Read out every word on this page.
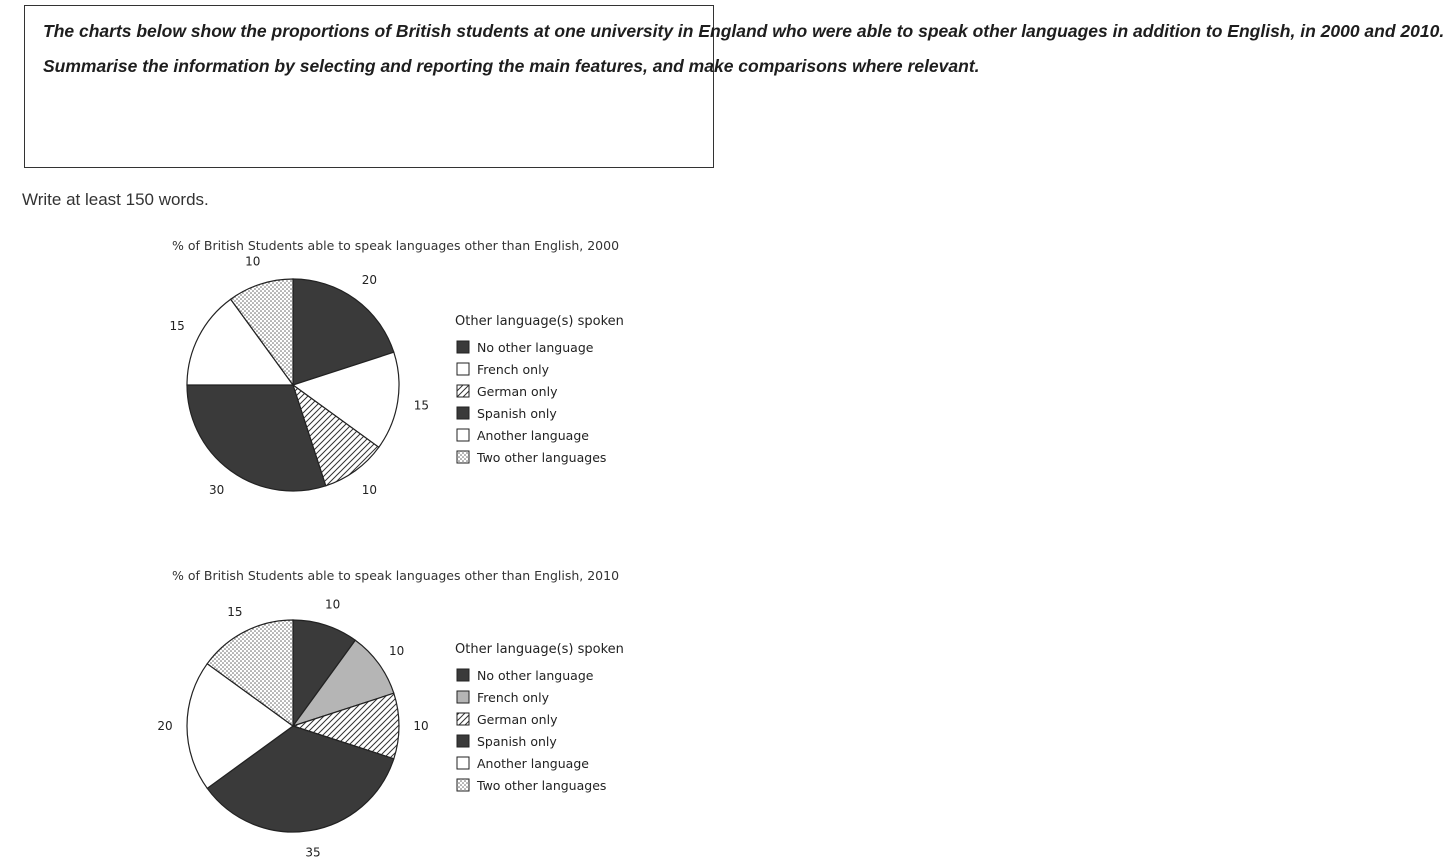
The charts below show the proportions of British students at one university in England who were able to speak other languages in addition to English, in 2000 and 2010.

Summarise the information by selecting and reporting the main features, and make comparisons where relevant.

Write at least 150 words.
% of British Students able to speak languages other than English, 2000
20
15
10
30
15
10
Other language(s) spoken
No other language
French only
German only
Spanish only
Another language
Two other languages
% of British Students able to speak languages other than English, 2010
10
10
10
35
20
15
Other language(s) spoken
No other language
French only
German only
Spanish only
Another language
Two other languages
